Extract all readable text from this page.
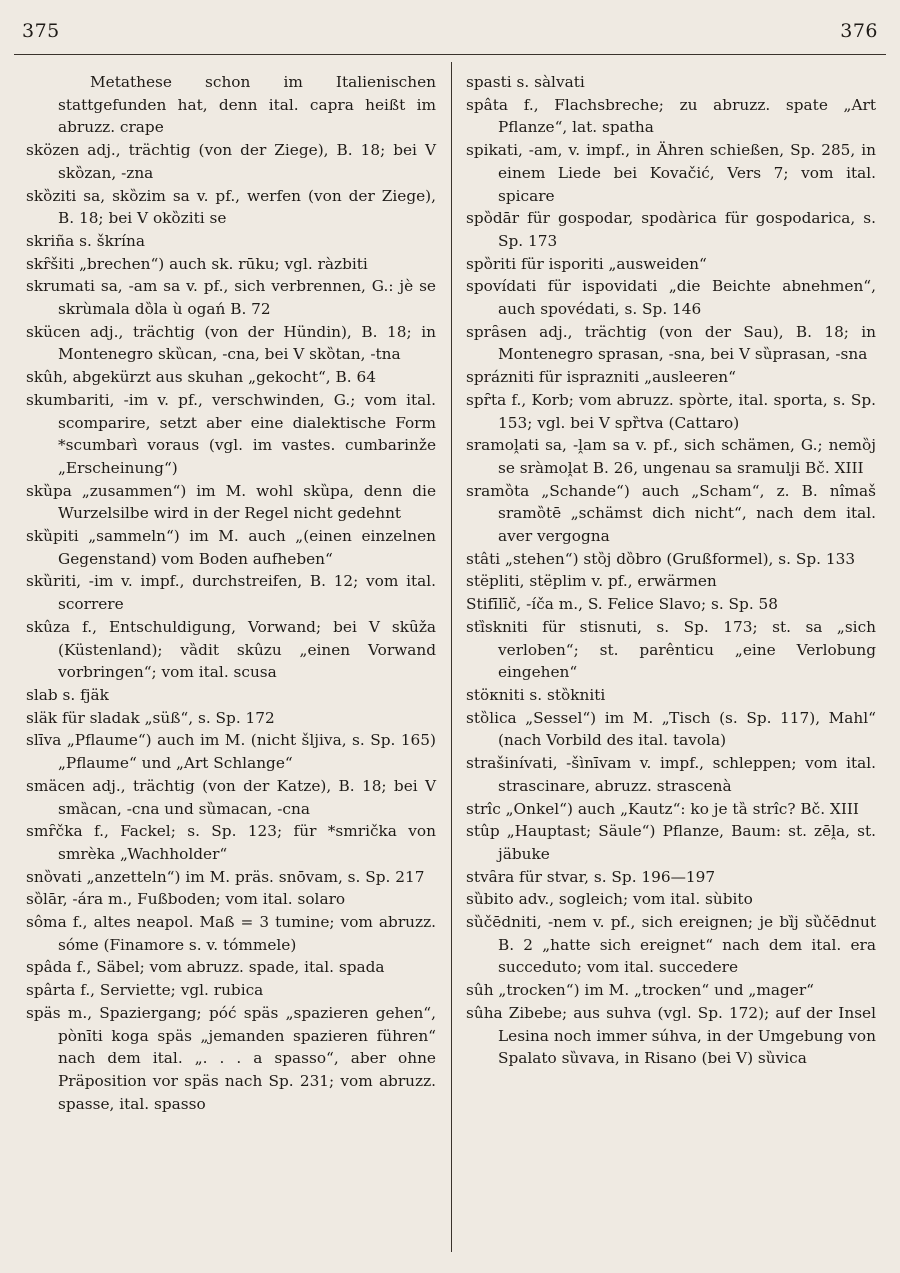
375	376
Metathese schon im Italienischen stattgefunden hat, denn ital. capra heißt im abruzz. crape
sközen adj., trächtig (von der Ziege), B. 18; bei V skȍzan, -zna
skȍziti sa, skȍzim sa v. pf., werfen (von der Ziege), B. 18; bei V okȍziti se
skriña s. škrína
skȓšiti „brechen“) auch sk. rūku; vgl. ràzbiti
skrumati sa, -am sa v. pf., sich verbrennen, G.: jè se skrùmala dȍla ù ogań B. 72
skücen adj., trächtig (von der Hündin), B. 18; in Montenegro skȕcan, -cna, bei V skȍtan, -tna
skûh, abgekürzt aus skuhan „gekocht“, B. 64
skumbariti, -im v. pf., verschwinden, G.; vom ital. scomparire, setzt aber eine dialektische Form *scumbarì voraus (vgl. im vastes. cumbarinže „Erscheinung“)
skȕpa „zusammen“) im M. wohl skȕpa, denn die Wurzelsilbe wird in der Regel nicht gedehnt
skȕpiti „sammeln“) im M. auch „(einen einzelnen Gegenstand) vom Boden aufheben“
skȕriti, -im v. impf., durchstreifen, B. 12; vom ital. scorrere
skûza f., Entschuldigung, Vorwand; bei V skȗža (Küstenland); vȁdit skûzu „einen Vorwand vorbringen“; vom ital. scusa
slab s. fjäk
släk für sladak „süß“, s. Sp. 172
slīva „Pflaume“) auch im M. (nicht šljiva, s. Sp. 165) „Pflaume“ und „Art Schlange“
smäcen adj., trächtig (von der Katze), B. 18; bei V smȁcan, -cna und sȕmacan, -cna
smȓčka f., Fackel; s. Sp. 123; für *smrička von smrèka „Wachholder“
snȍvati „anzetteln“) im M. präs. snōvam, s. Sp. 217
sȍlār, -ára m., Fußboden; vom ital. solaro
sôma f., altes neapol. Maß = 3 tumine; vom abruzz. sóme (Finamore s. v. tómmele)
spâda f., Säbel; vom abruzz. spade, ital. spada
spârta f., Serviette; vgl. rubica
späs m., Spaziergang; póć späs „spazieren gehen“, pònīti koga späs „jemanden spazieren führen“ nach dem ital. „. . . a spasso“, aber ohne Präposition vor späs nach Sp. 231; vom abruzz. spasse, ital. spasso
spasti s. sàlvati
spâta f., Flachsbreche; zu abruzz. spate „Art Pflanze“, lat. spatha
spikati, -am, v. impf., in Ähren schießen, Sp. 285, in einem Liede bei Kovačić, Vers 7; vom ital. spicare
spȍdār für gospodar, spodàrica für gospodarica, s. Sp. 173
spȍriti für isporiti „ausweiden“
spovídati für ispovidati „die Beichte abnehmen“, auch spovédati, s. Sp. 146
sprȃsen adj., trächtig (von der Sau), B. 18; in Montenegro sprasan, -sna, bei V sȕprasan, -sna
sprázniti für isprazniti „ausleeren“
spȓta f., Korb; vom abruzz. spòrte, ital. sporta, s. Sp. 153; vgl. bei V spȑtva (Cattaro)
sramoḽati sa, -ḽam sa v. pf., sich schämen, G.; nemȍj se sràmoḽat B. 26, ungenau sa sramulji Bč. XIII
sramȍta „Schande“) auch „Scham“, z. B. nîmaš sramȍtē „schämst dich nicht“, nach dem ital. aver vergogna
stâti „stehen“) stȍj dȍbro (Grußformel), s. Sp. 133
stëpliti, stëplim v. pf., erwärmen
Stifīlīč, -íča m., S. Felice Slavo; s. Sp. 58
stȉskniti für stisnuti, s. Sp. 173; st. sa „sich verloben“; st. parênticu „eine Verlobung eingehen“
stöкniti s. stȍkniti
stȍlica „Sessel“) im M. „Tisch (s. Sp. 117), Mahl“ (nach Vorbild des ital. tavola)
strašinívati, -šìnīvam v. impf., schleppen; vom ital. strascinare, abruzz. strascenà
strîc „Onkel“) auch „Kautz“: ko je tȁ strîc? Bč. XIII
stûp „Hauptast; Säule“) Pflanze, Baum: st. zēḽa, st. jäbuke
stvȃra für stvar, s. Sp. 196—197
sȕbito adv., sogleich; vom ital. sùbito
sȕčēdniti, -nem v. pf., sich ereignen; je bȉj sȕčēdnut B. 2 „hatte sich ereignet“ nach dem ital. era succeduto; vom ital. succedere
sûh „trocken“) im M. „trocken“ und „mager“
sûha Zibebe; aus suhva (vgl. Sp. 172); auf der Insel Lesina noch immer súhva, in der Umgebung von Spalato sȕvava, in Risano (bei V) sȕvica
